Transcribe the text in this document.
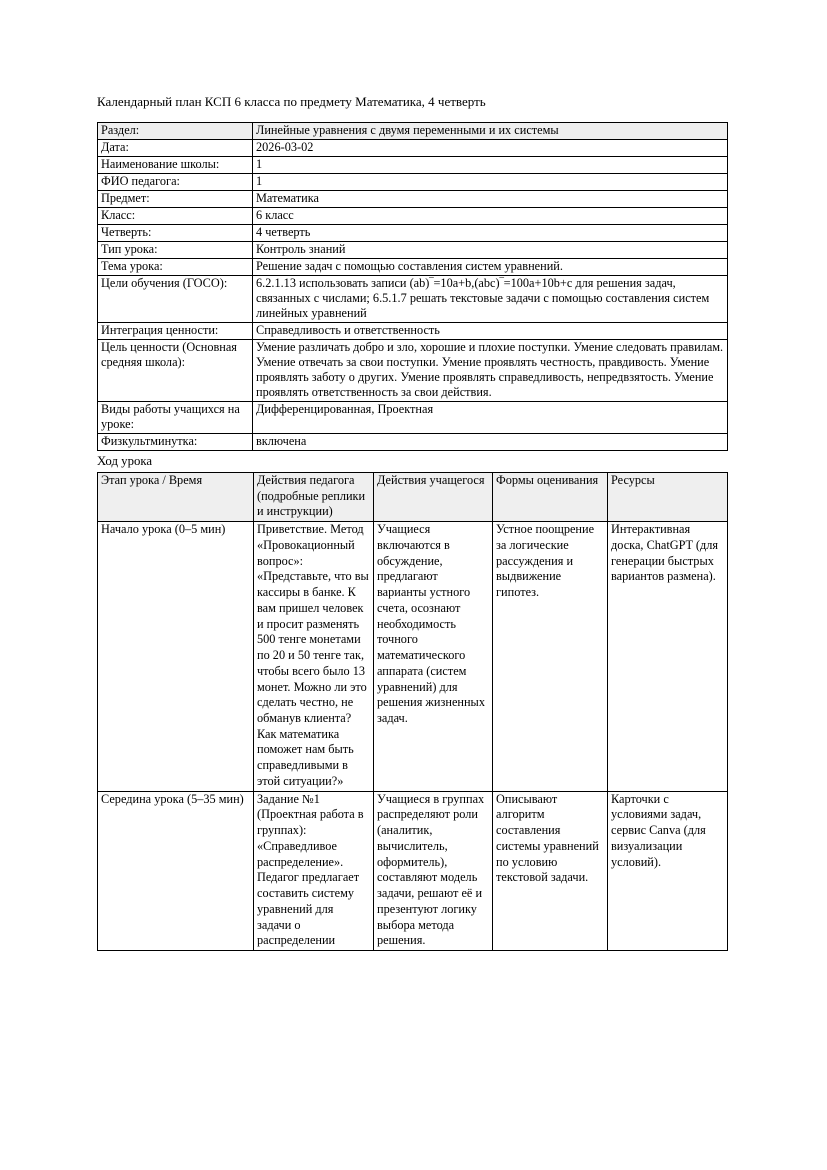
Календарный план КСП 6 класса по предмету Математика, 4 четверть
Раздел:	Линейные уравнения с двумя переменными и их системы
Дата:	2026-03-02
Наименование школы:	1
ФИО педагога:	1
Предмет:	Математика
Класс:	6 класс
Четверть:	4 четверть
Тип урока:	Контроль знаний
Тема урока:	Решение задач с помощью составления систем уравнений.
Цели обучения (ГОСО):	6.2.1.13 использовать записи (ab)‾=10a+b,(abc)‾=100a+10b+c для решения задач, связанных с числами; 6.5.1.7 решать текстовые задачи с помощью составления систем линейных уравнений
Интеграция ценности:	Справедливость и ответственность
Цель ценности (Основная средняя школа):	Умение различать добро и зло, хорошие и плохие поступки. Умение следовать правилам. Умение отвечать за свои поступки. Умение проявлять честность, правдивость. Умение проявлять заботу о других. Умение проявлять справедливость, непредвзятость. Умение проявлять ответственность за свои действия.
Виды работы учащихся на уроке:	Дифференцированная, Проектная
Физкультминутка:	включена
Ход урока
Этап урока / Время	Действия педагога (подробные реплики и инструкции)	Действия учащегося	Формы оценивания	Ресурсы
Начало урока (0–5 мин)	Приветствие. Метод «Провокационный вопрос»: «Представьте, что вы кассиры в банке. К вам пришел человек и просит разменять 500 тенге монетами по 20 и 50 тенге так, чтобы всего было 13 монет. Можно ли это сделать честно, не обманув клиента? Как математика поможет нам быть справедливыми в этой ситуации?»	Учащиеся включаются в обсуждение, предлагают варианты устного счета, осознают необходимость точного математического аппарата (систем уравнений) для решения жизненных задач.	Устное поощрение за логические рассуждения и выдвижение гипотез.	Интерактивная доска, ChatGPT (для генерации быстрых вариантов размена).
Середина урока (5–35 мин)	Задание №1 (Проектная работа в группах): «Справедливое распределение». Педагог предлагает составить систему уравнений для задачи о распределении	Учащиеся в группах распределяют роли (аналитик, вычислитель, оформитель), составляют модель задачи, решают её и презентуют логику выбора метода решения.	Описывают алгоритм составления системы уравнений по условию текстовой задачи.	Карточки с условиями задач, сервис Canva (для визуализации условий).
